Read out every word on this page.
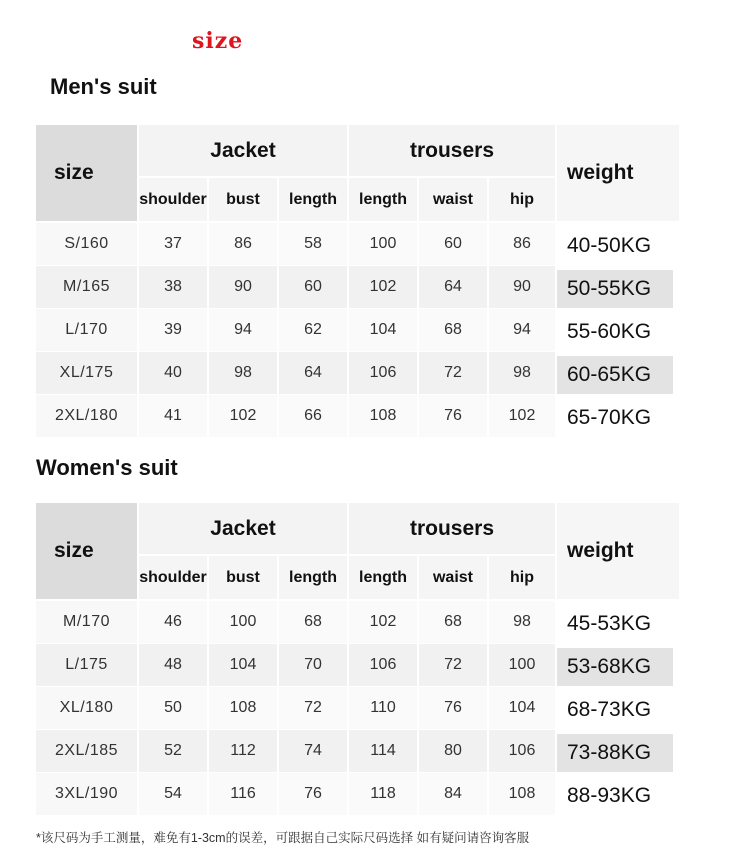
size
Men's suit
size
Jacket	trousers
weight
shoulder	bust	length	length	waist	hip
S/160	37	86	58	100	60	86	40-50KG
M/165	38	90	60	102	64	90	50-55KG
L/170	39	94	62	104	68	94	55-60KG
XL/175	40	98	64	106	72	98	60-65KG
2XL/180	41	102	66	108	76	102	65-70KG
Women's suit
size
Jacket	trousers
weight
shoulder	bust	length	length	waist	hip
M/170	46	100	68	102	68	98	45-53KG
L/175	48	104	70	106	72	100	53-68KG
XL/180	50	108	72	110	76	104	68-73KG
2XL/185	52	112	74	114	80	106	73-88KG
3XL/190	54	116	76	118	84	108	88-93KG
*该尺码为手工测量，难免有1-3cm的误差，可跟据自己实际尺码选择 如有疑问请咨询客服
